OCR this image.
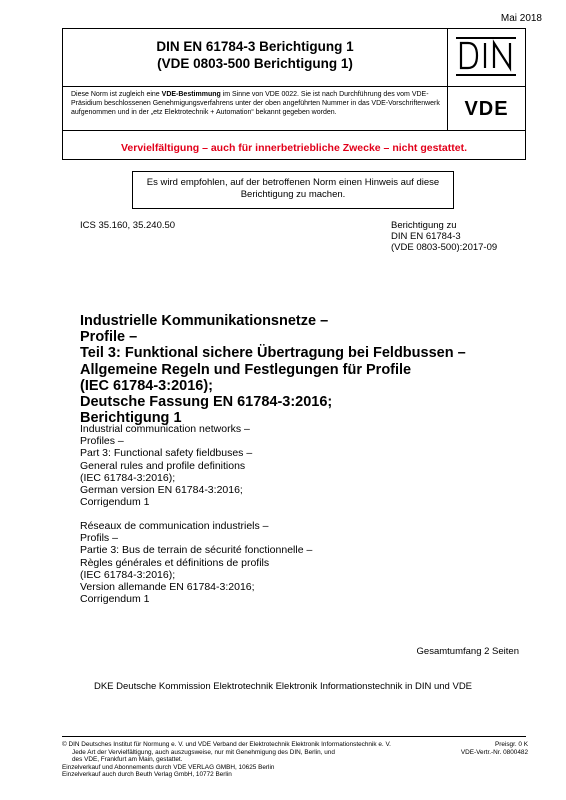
Mai 2018
DIN EN 61784-3 Berichtigung 1
(VDE 0803-500 Berichtigung 1)
Diese Norm ist zugleich eine VDE-Bestimmung im Sinne von VDE 0022. Sie ist nach Durchführung des vom VDE-Präsidium beschlossenen Genehmigungsverfahrens unter der oben angeführten Nummer in das VDE-Vorschriftenwerk aufgenommen und in der „etz Elektrotechnik + Automation“ bekannt gegeben worden.	VDE
Vervielfältigung – auch für innerbetriebliche Zwecke – nicht gestattet.
Es wird empfohlen, auf der betroffenen Norm einen Hinweis auf diese
Berichtigung zu machen.
ICS 35.160, 35.240.50	Berichtigung zu
DIN EN 61784-3
(VDE 0803-500):2017-09
Industrielle Kommunikationsnetze –
Profile –
Teil 3: Funktional sichere Übertragung bei Feldbussen –
Allgemeine Regeln und Festlegungen für Profile
(IEC 61784-3:2016);
Deutsche Fassung EN 61784-3:2016;
Berichtigung 1
Industrial communication networks –
Profiles –
Part 3: Functional safety fieldbuses –
General rules and profile definitions
(IEC 61784-3:2016);
German version EN 61784-3:2016;
Corrigendum 1
Réseaux de communication industriels –
Profils –
Partie 3: Bus de terrain de sécurité fonctionnelle –
Règles générales et définitions de profils
(IEC 61784-3:2016);
Version allemande EN 61784-3:2016;
Corrigendum 1
Gesamtumfang 2 Seiten
DKE Deutsche Kommission Elektrotechnik Elektronik Informationstechnik in DIN und VDE
© DIN Deutsches Institut für Normung e. V. und VDE Verband der Elektrotechnik Elektronik Informationstechnik e. V.
Jede Art der Vervielfältigung, auch auszugsweise, nur mit Genehmigung des DIN, Berlin, und
des VDE, Frankfurt am Main, gestattet.
Einzelverkauf und Abonnements durch VDE VERLAG GMBH, 10625 Berlin
Einzelverkauf auch durch Beuth Verlag GmbH, 10772 Berlin
Preisgr. 0 K
VDE-Vertr.-Nr. 0800482
